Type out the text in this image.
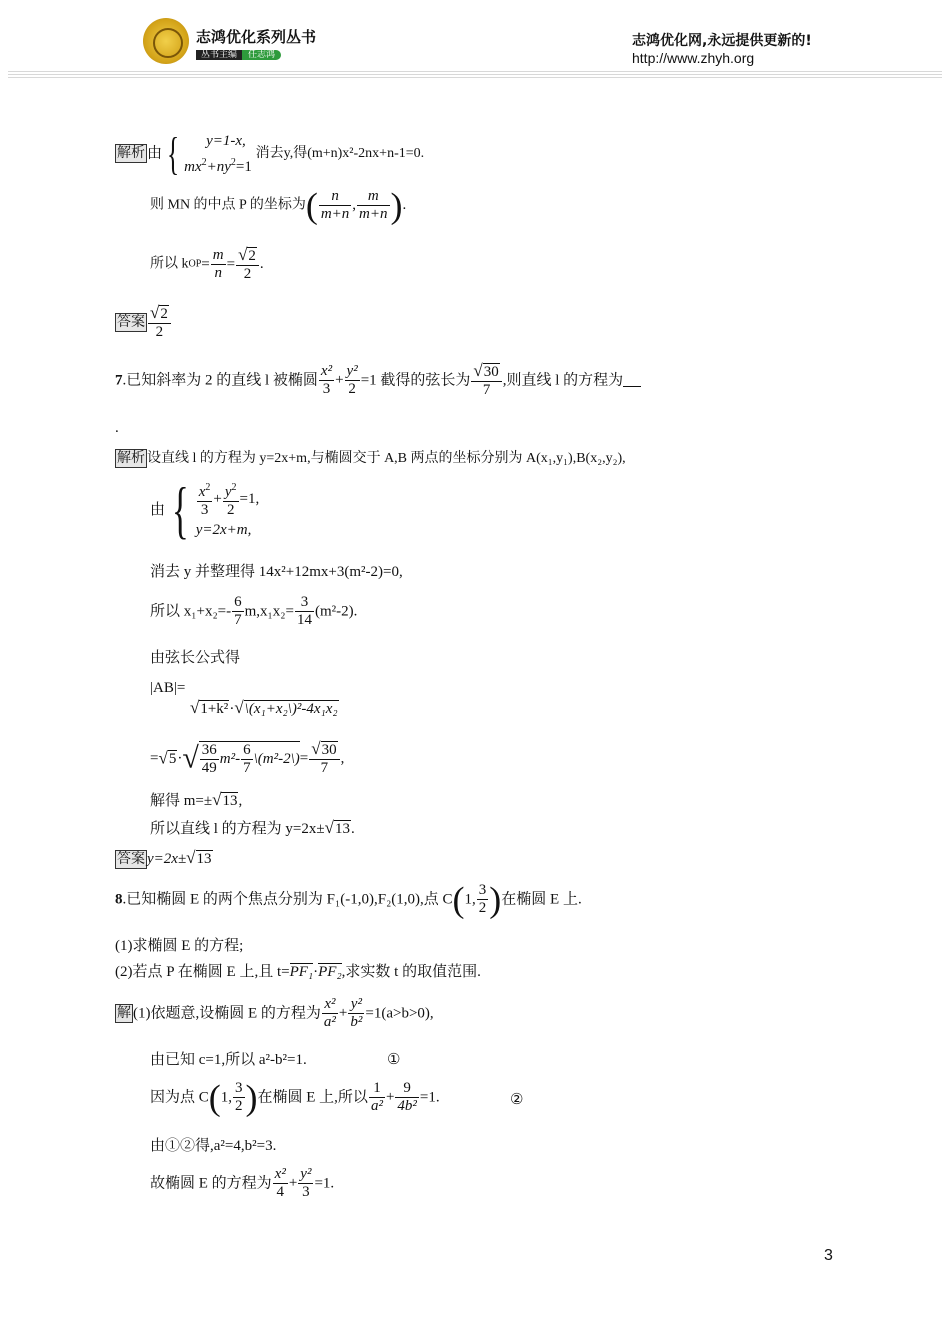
志鸿优化系列丛书
丛书主编 任志鸿
志鸿优化网,永远提供更新的!
http://www.zhyh.org
解析 由 {	y=1-x,
$mx^2+ny^2=1$
消去y,得(m+n)x²-2nx+n-1=0.
则 MN 的中点 P 的坐标为( $\frac{n}{m+n}$ , $\frac{m}{m+n}$ ).
所以 $kOP= \frac{m}{n} = \frac{√2}{2}$ .
答案 $\frac{√2}{2}$
7.已知斜率为 2 的直线 l 被椭圆 $\frac{\text{x²}}{3} + \frac{\text{y²}}{2} =1$ 截得的弦长为 $\frac{√30}{7}$ ,则直线 l 的方程为
.
解析 设直线 l 的方程为 y=2x+m,与椭圆交于 A,B 两点的坐标分别为 A(x₁,y₁),B(x₂,y₂),
由 { $\frac{x^2}{3} + \frac{y^2}{2} =1$,
y=2x+m,
消去 y 并整理得 14x²+12mx+3(m²-2)=0,
所以 $x_1+x_2=- \frac{6}{7} m,x_1x_2= \frac{3}{14} (m^2-2)$.
由弦长公式得
|AB|=
√1+k²·√\(x₁+x₂\)²-4x₁x₂
$=√5\cdot√ \frac{36}{49} m^2- \frac{6}{7}$ \(m²-2\)= $\frac{√30}{7}$ ,
解得 m=±√13,
所以直线 l 的方程为 y=2x±√13.
答案 y=2x±√13
8.已知椭圆 E 的两个焦点分别为 F₁(-1,0),F₂(1,0),点 C(1, $\frac{3}{2}$ )在椭圆 E 上.
(1)求椭圆 E 的方程;
(2)若点 P 在椭圆 E 上,且 t=PF₁·PF₂,求实数 t 的取值范围.
解 (1)依题意,设椭圆 E 的方程为 $\frac{\text{x²}}{\text{a²}} + \frac{\text{y²}}{\text{b²}} =1(a>b>0)$,
由已知 c=1,所以 a²-b²=1.	①
因为点 C(1, $\frac{3}{2}$ )在椭圆 E 上,所以 $\frac{1}{\text{a²}} + \frac{9}{\text{4b²}} =1$.	②
由①②得,a²=4,b²=3.
故椭圆 E 的方程为 $\frac{\text{x²}}{4} + \frac{\text{y²}}{3} =1$.
3
